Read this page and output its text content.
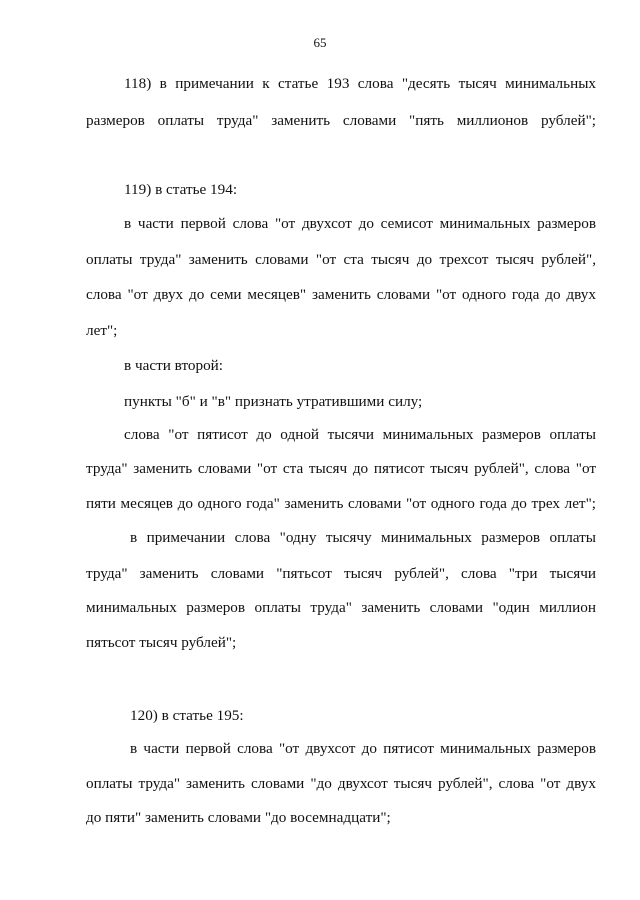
65
118) в примечании к статье 193 слова "десять тысяч минимальных
размеров оплаты труда" заменить словами "пять миллионов рублей";
119) в статье 194:
в части первой слова "от двухсот до семисот минимальных размеров
оплаты труда" заменить словами "от ста тысяч до трехсот тысяч рублей",
слова "от двух до семи месяцев" заменить словами "от одного года до двух
лет";
в части второй:
пункты "б" и "в" признать утратившими силу;
слова "от пятисот до одной тысячи минимальных размеров оплаты
труда" заменить словами "от ста тысяч до пятисот тысяч рублей", слова "от
пяти месяцев до одного года" заменить словами "от одного года до трех лет";
в примечании слова "одну тысячу минимальных размеров оплаты
труда" заменить словами "пятьсот тысяч рублей", слова "три тысячи
минимальных размеров оплаты труда" заменить словами "один миллион
пятьсот тысяч рублей";
120) в статье 195:
в части первой слова "от двухсот до пятисот минимальных размеров
оплаты труда" заменить словами "до двухсот тысяч рублей", слова "от двух
до пяти" заменить словами "до восемнадцати";
